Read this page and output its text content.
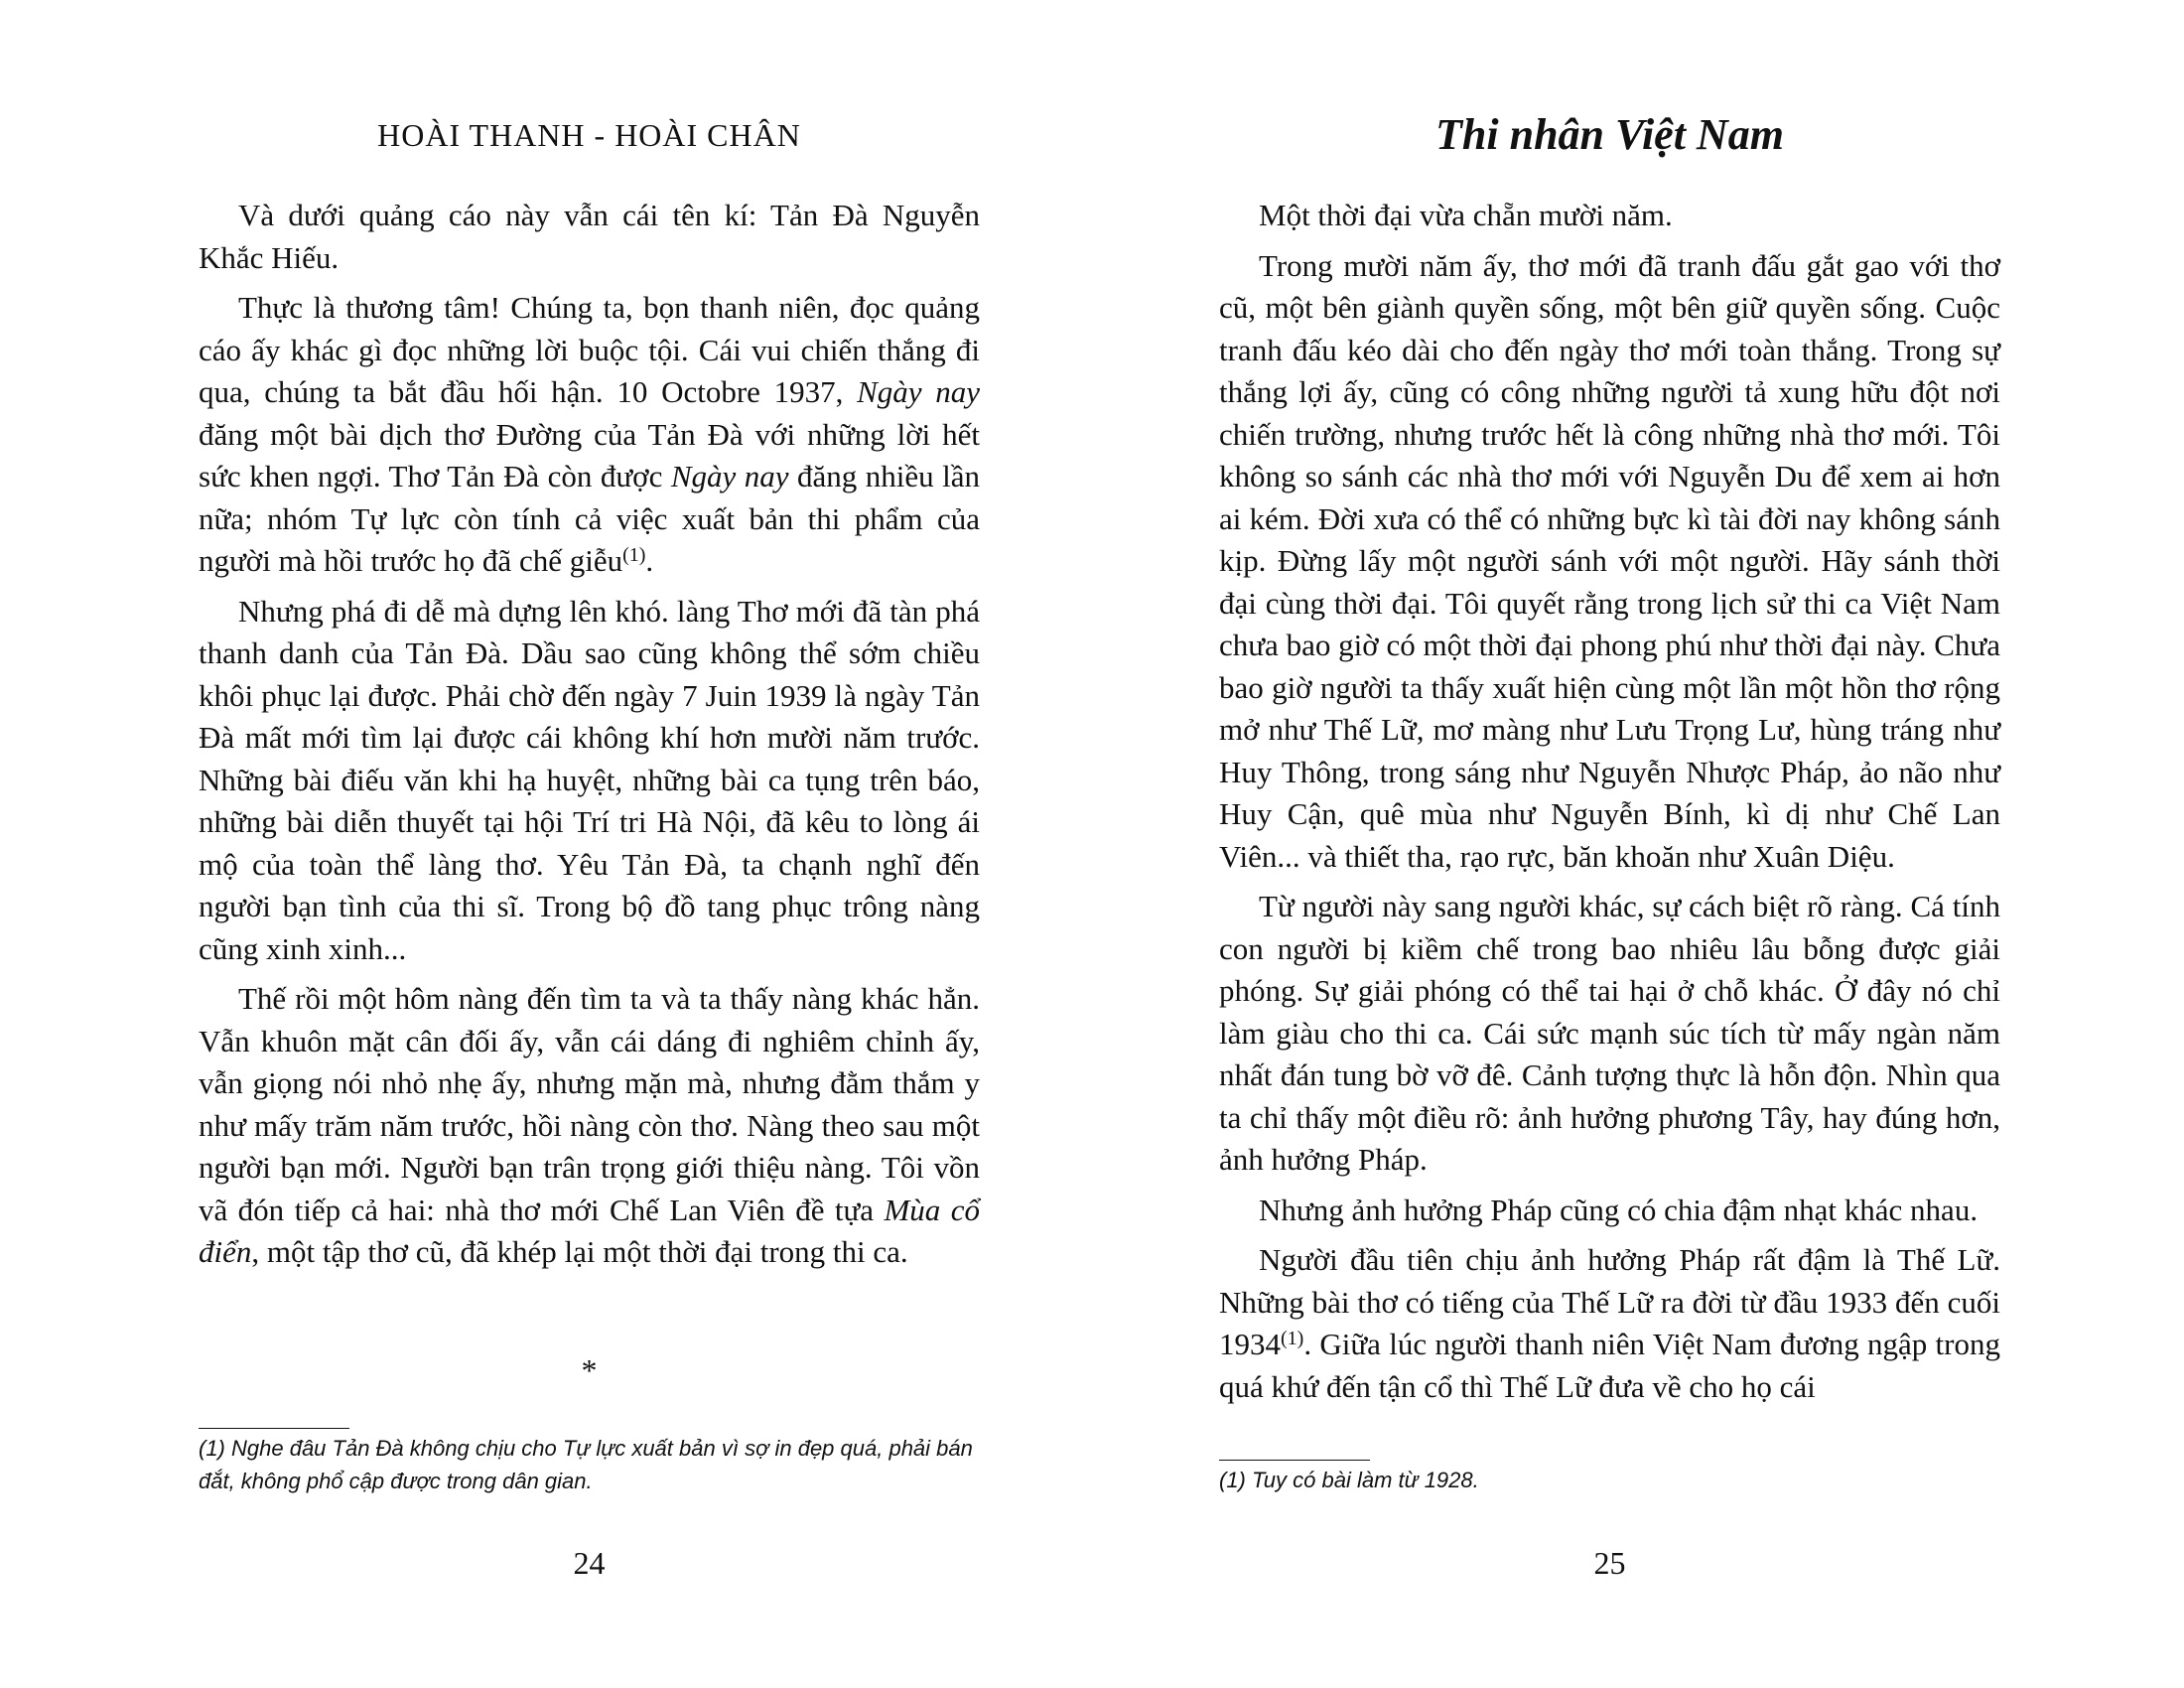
HOÀI THANH - HOÀI CHÂN

Và dưới quảng cáo này vẫn cái tên kí: Tản Đà Nguyễn Khắc Hiếu.

Thực là thương tâm! Chúng ta, bọn thanh niên, đọc quảng cáo ấy khác gì đọc những lời buộc tội. Cái vui chiến thắng đi qua, chúng ta bắt đầu hối hận. 10 Octobre 1937, Ngày nay đăng một bài dịch thơ Đường của Tản Đà với những lời hết sức khen ngợi. Thơ Tản Đà còn được Ngày nay đăng nhiều lần nữa; nhóm Tự lực còn tính cả việc xuất bản thi phẩm của người mà hồi trước họ đã chế giễu$^{(1)}$.

Nhưng phá đi dễ mà dựng lên khó. làng Thơ mới đã tàn phá thanh danh của Tản Đà. Dầu sao cũng không thể sớm chiều khôi phục lại được. Phải chờ đến ngày 7 Juin 1939 là ngày Tản Đà mất mới tìm lại được cái không khí hơn mười năm trước. Những bài điếu văn khi hạ huyệt, những bài ca tụng trên báo, những bài diễn thuyết tại hội Trí tri Hà Nội, đã kêu to lòng ái mộ của toàn thể làng thơ. Yêu Tản Đà, ta chạnh nghĩ đến người bạn tình của thi sĩ. Trong bộ đồ tang phục trông nàng cũng xinh xinh...

Thế rồi một hôm nàng đến tìm ta và ta thấy nàng khác hẳn. Vẫn khuôn mặt cân đối ấy, vẫn cái dáng đi nghiêm chỉnh ấy, vẫn giọng nói nhỏ nhẹ ấy, nhưng mặn mà, nhưng đằm thắm y như mấy trăm năm trước, hồi nàng còn thơ. Nàng theo sau một người bạn mới. Người bạn trân trọng giới thiệu nàng. Tôi vồn vã đón tiếp cả hai: nhà thơ mới Chế Lan Viên đề tựa Mùa cổ điển, một tập thơ cũ, đã khép lại một thời đại trong thi ca.

*

(1) Nghe đâu Tản Đà không chịu cho Tự lực xuất bản vì sợ in đẹp quá, phải bán đắt, không phổ cập được trong dân gian.

24
Thi nhân Việt Nam

Một thời đại vừa chẵn mười năm.

Trong mười năm ấy, thơ mới đã tranh đấu gắt gao với thơ cũ, một bên giành quyền sống, một bên giữ quyền sống. Cuộc tranh đấu kéo dài cho đến ngày thơ mới toàn thắng. Trong sự thắng lợi ấy, cũng có công những người tả xung hữu đột nơi chiến trường, nhưng trước hết là công những nhà thơ mới. Tôi không so sánh các nhà thơ mới với Nguyễn Du để xem ai hơn ai kém. Đời xưa có thể có những bực kì tài đời nay không sánh kịp. Đừng lấy một người sánh với một người. Hãy sánh thời đại cùng thời đại. Tôi quyết rằng trong lịch sử thi ca Việt Nam chưa bao giờ có một thời đại phong phú như thời đại này. Chưa bao giờ người ta thấy xuất hiện cùng một lần một hồn thơ rộng mở như Thế Lữ, mơ màng như Lưu Trọng Lư, hùng tráng như Huy Thông, trong sáng như Nguyễn Nhược Pháp, ảo não như Huy Cận, quê mùa như Nguyễn Bính, kì dị như Chế Lan Viên... và thiết tha, rạo rực, băn khoăn như Xuân Diệu.

Từ người này sang người khác, sự cách biệt rõ ràng. Cá tính con người bị kiềm chế trong bao nhiêu lâu bỗng được giải phóng. Sự giải phóng có thể tai hại ở chỗ khác. Ở đây nó chỉ làm giàu cho thi ca. Cái sức mạnh súc tích từ mấy ngàn năm nhất đán tung bờ vỡ đê. Cảnh tượng thực là hỗn độn. Nhìn qua ta chỉ thấy một điều rõ: ảnh hưởng phương Tây, hay đúng hơn, ảnh hưởng Pháp.

Nhưng ảnh hưởng Pháp cũng có chia đậm nhạt khác nhau.

Người đầu tiên chịu ảnh hưởng Pháp rất đậm là Thế Lữ. Những bài thơ có tiếng của Thế Lữ ra đời từ đầu 1933 đến cuối 1934$^{(1)}$. Giữa lúc người thanh niên Việt Nam đương ngập trong quá khứ đến tận cổ thì Thế Lữ đưa về cho họ cái

(1) Tuy có bài làm từ 1928.

25
